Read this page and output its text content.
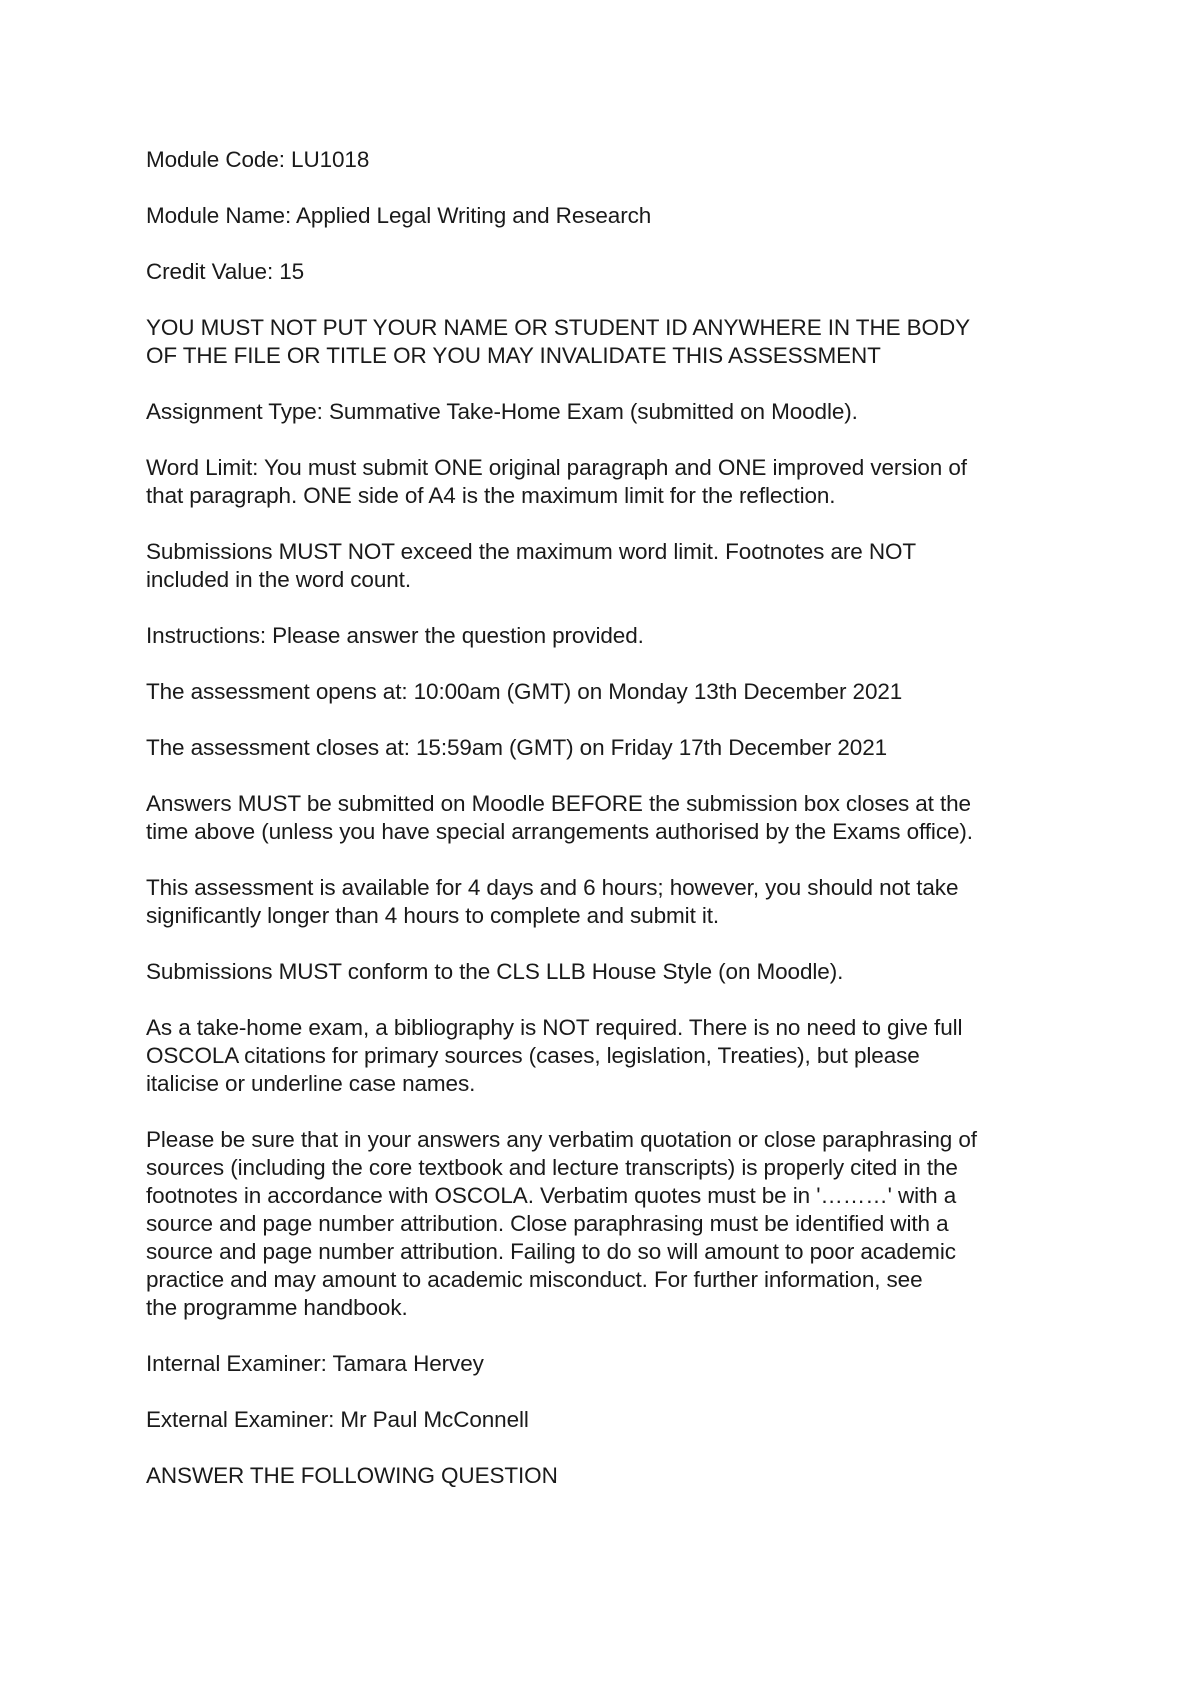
Module Code: LU1018

Module Name: Applied Legal Writing and Research

Credit Value: 15

YOU MUST NOT PUT YOUR NAME OR STUDENT ID ANYWHERE IN THE BODY
OF THE FILE OR TITLE OR YOU MAY INVALIDATE THIS ASSESSMENT

Assignment Type: Summative Take-Home Exam (submitted on Moodle).

Word Limit: You must submit ONE original paragraph and ONE improved version of
that paragraph. ONE side of A4 is the maximum limit for the reflection.

Submissions MUST NOT exceed the maximum word limit. Footnotes are NOT
included in the word count.

Instructions: Please answer the question provided.

The assessment opens at: 10:00am (GMT) on Monday 13th December 2021

The assessment closes at: 15:59am (GMT) on Friday 17th December 2021

Answers MUST be submitted on Moodle BEFORE the submission box closes at the
time above (unless you have special arrangements authorised by the Exams office).

This assessment is available for 4 days and 6 hours; however, you should not take
significantly longer than 4 hours to complete and submit it.

Submissions MUST conform to the CLS LLB House Style (on Moodle).

As a take-home exam, a bibliography is NOT required. There is no need to give full
OSCOLA citations for primary sources (cases, legislation, Treaties), but please
italicise or underline case names.

Please be sure that in your answers any verbatim quotation or close paraphrasing of
sources (including the core textbook and lecture transcripts) is properly cited in the
footnotes in accordance with OSCOLA. Verbatim quotes must be in '………' with a
source and page number attribution. Close paraphrasing must be identified with a
source and page number attribution. Failing to do so will amount to poor academic
practice and may amount to academic misconduct. For further information, see
the programme handbook.

Internal Examiner: Tamara Hervey

External Examiner: Mr Paul McConnell

ANSWER THE FOLLOWING QUESTION
